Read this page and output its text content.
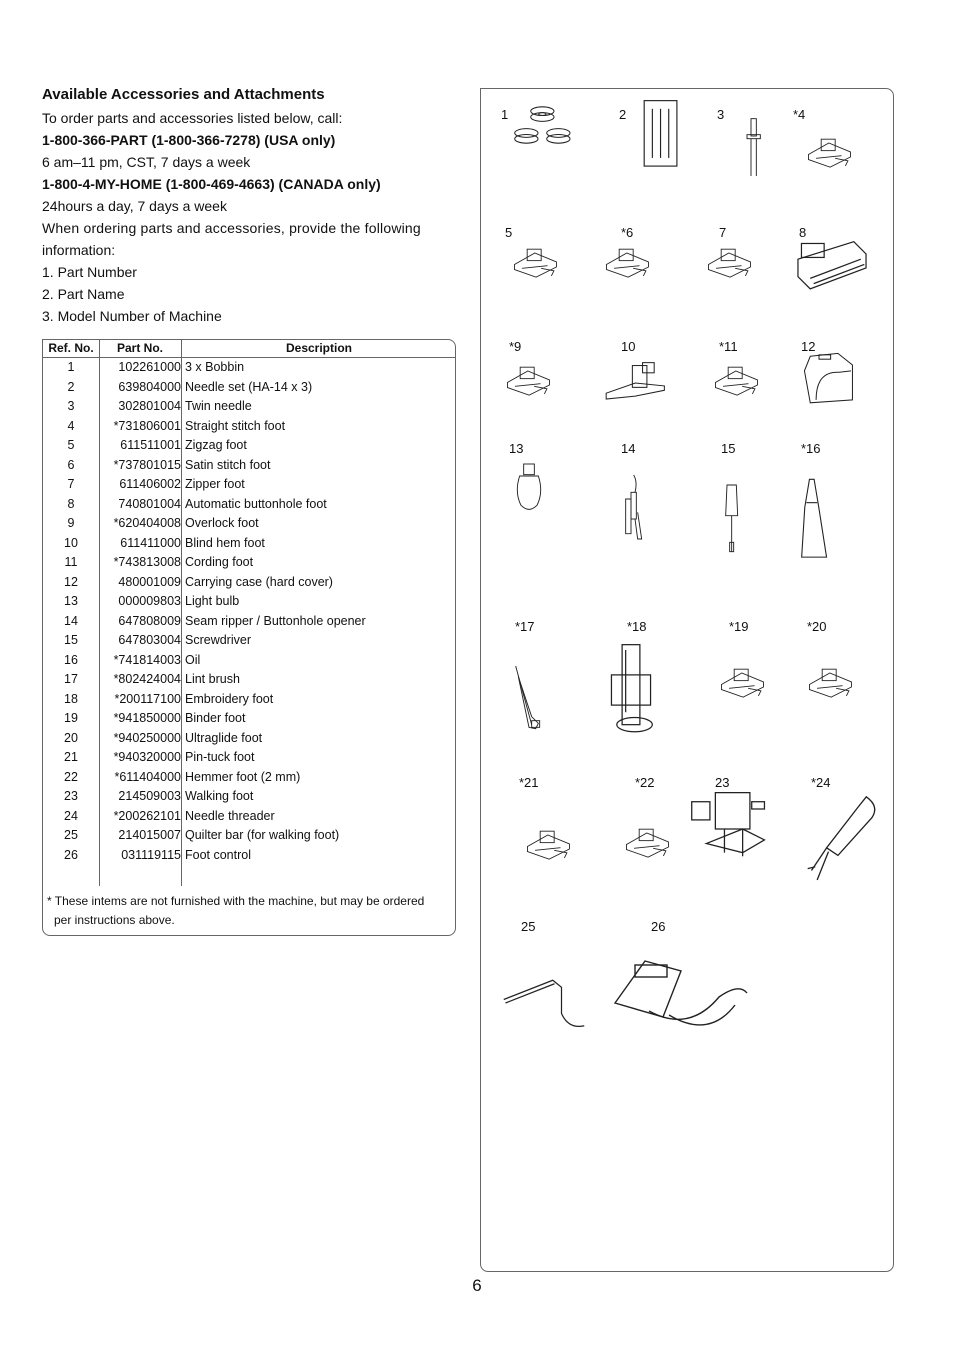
Available Accessories and Attachments
To order parts and accessories listed below, call:
1-800-366-PART (1-800-366-7278) (USA only)
6 am–11 pm, CST, 7 days a week
1-800-4-MY-HOME (1-800-469-4663) (CANADA only)
24hours a day, 7 days a week
When ordering parts and accessories, provide the following
information:
1. Part Number
2. Part Name
3. Model Number of Machine
Ref. No.	Part No.	Description
1	102261000 3 x Bobbin
2	639804000 Needle set (HA-14 x 3)
3	302801004 Twin needle
4	*731806001 Straight stitch foot
5	611511001 Zigzag foot
6	*737801015 Satin stitch foot
7	611406002 Zipper foot
8	740801004 Automatic buttonhole foot
9	*620404008 Overlock foot
10	611411000 Blind hem foot
11	*743813008 Cording foot
12	480001009 Carrying case (hard cover)
13	000009803 Light bulb
14	647808009 Seam ripper / Buttonhole opener
15	647803004 Screwdriver
16	*741814003 Oil
17	*802424004 Lint brush
18	*200117100 Embroidery foot
19	*941850000 Binder foot
20	*940250000 Ultraglide foot
21	*940320000 Pin-tuck foot
22	*611404000 Hemmer foot (2 mm)
23	214509003 Walking foot
24	*200262101 Needle threader
25	214015007 Quilter bar (for walking foot)
26	031119115 Foot control
* These intems are not furnished with the machine, but may be ordered
per instructions above.
1	2	3	*4
5	*6	7	8
*9	10	*11	12
13	14	15	*16
*17	*18	*19	*20
*21	*22	23	*24
25	26
6
